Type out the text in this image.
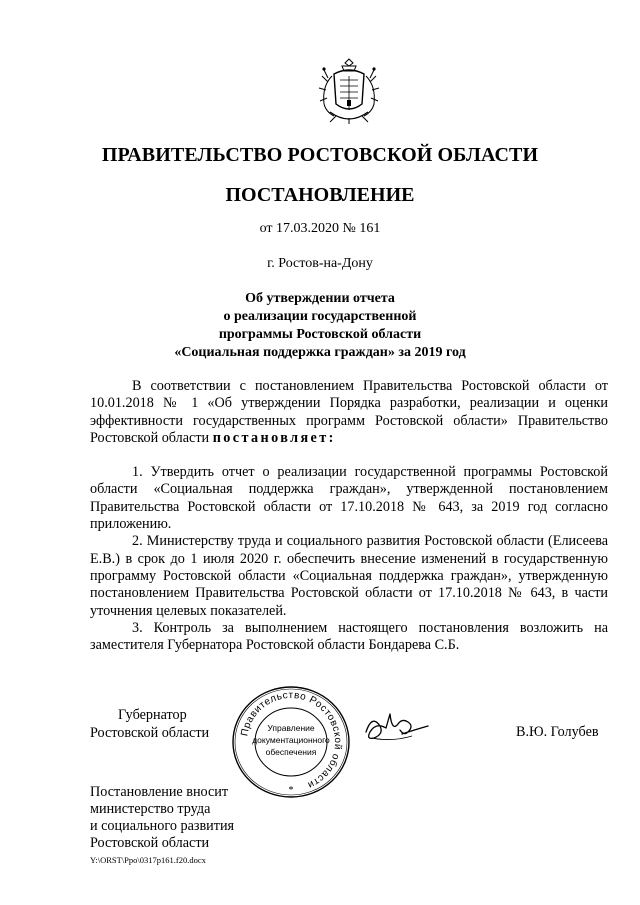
ПРАВИТЕЛЬСТВО РОСТОВСКОЙ ОБЛАСТИ
ПОСТАНОВЛЕНИЕ
от 17.03.2020 № 161
г. Ростов-на-Дону
Об утверждении отчета
о реализации государственной
программы Ростовской области
«Социальная поддержка граждан» за 2019 год

В соответствии с постановлением Правительства Ростовской области от 10.01.2018 № 1 «Об утверждении Порядка разработки, реализации и оценки эффективности государственных программ Ростовской области» Правительство Ростовской области постановляет:

1. Утвердить отчет о реализации государственной программы Ростовской области «Социальная поддержка граждан», утвержденной постановлением Правительства Ростовской области от 17.10.2018 № 643, за 2019 год согласно приложению.

2. Министерству труда и социального развития Ростовской области (Елисеева Е.В.) в срок до 1 июля 2020 г. обеспечить внесение изменений в государственную программу Ростовской области «Социальная поддержка граждан», утвержденную постановлением Правительства Ростовской области от 17.10.2018 № 643, в части уточнения целевых показателей.

3. Контроль за выполнением настоящего постановления возложить на заместителя Губернатора Ростовской области Бондарева С.Б.

Губернатор
Ростовской области	Правительство Ростовской области
Управление
документационного
обеспечения
*
В.Ю. Голубев
Постановление вносит
министерство труда
и социального развития
Ростовской области
Y:\ORST\Ppo\0317p161.f20.docx
